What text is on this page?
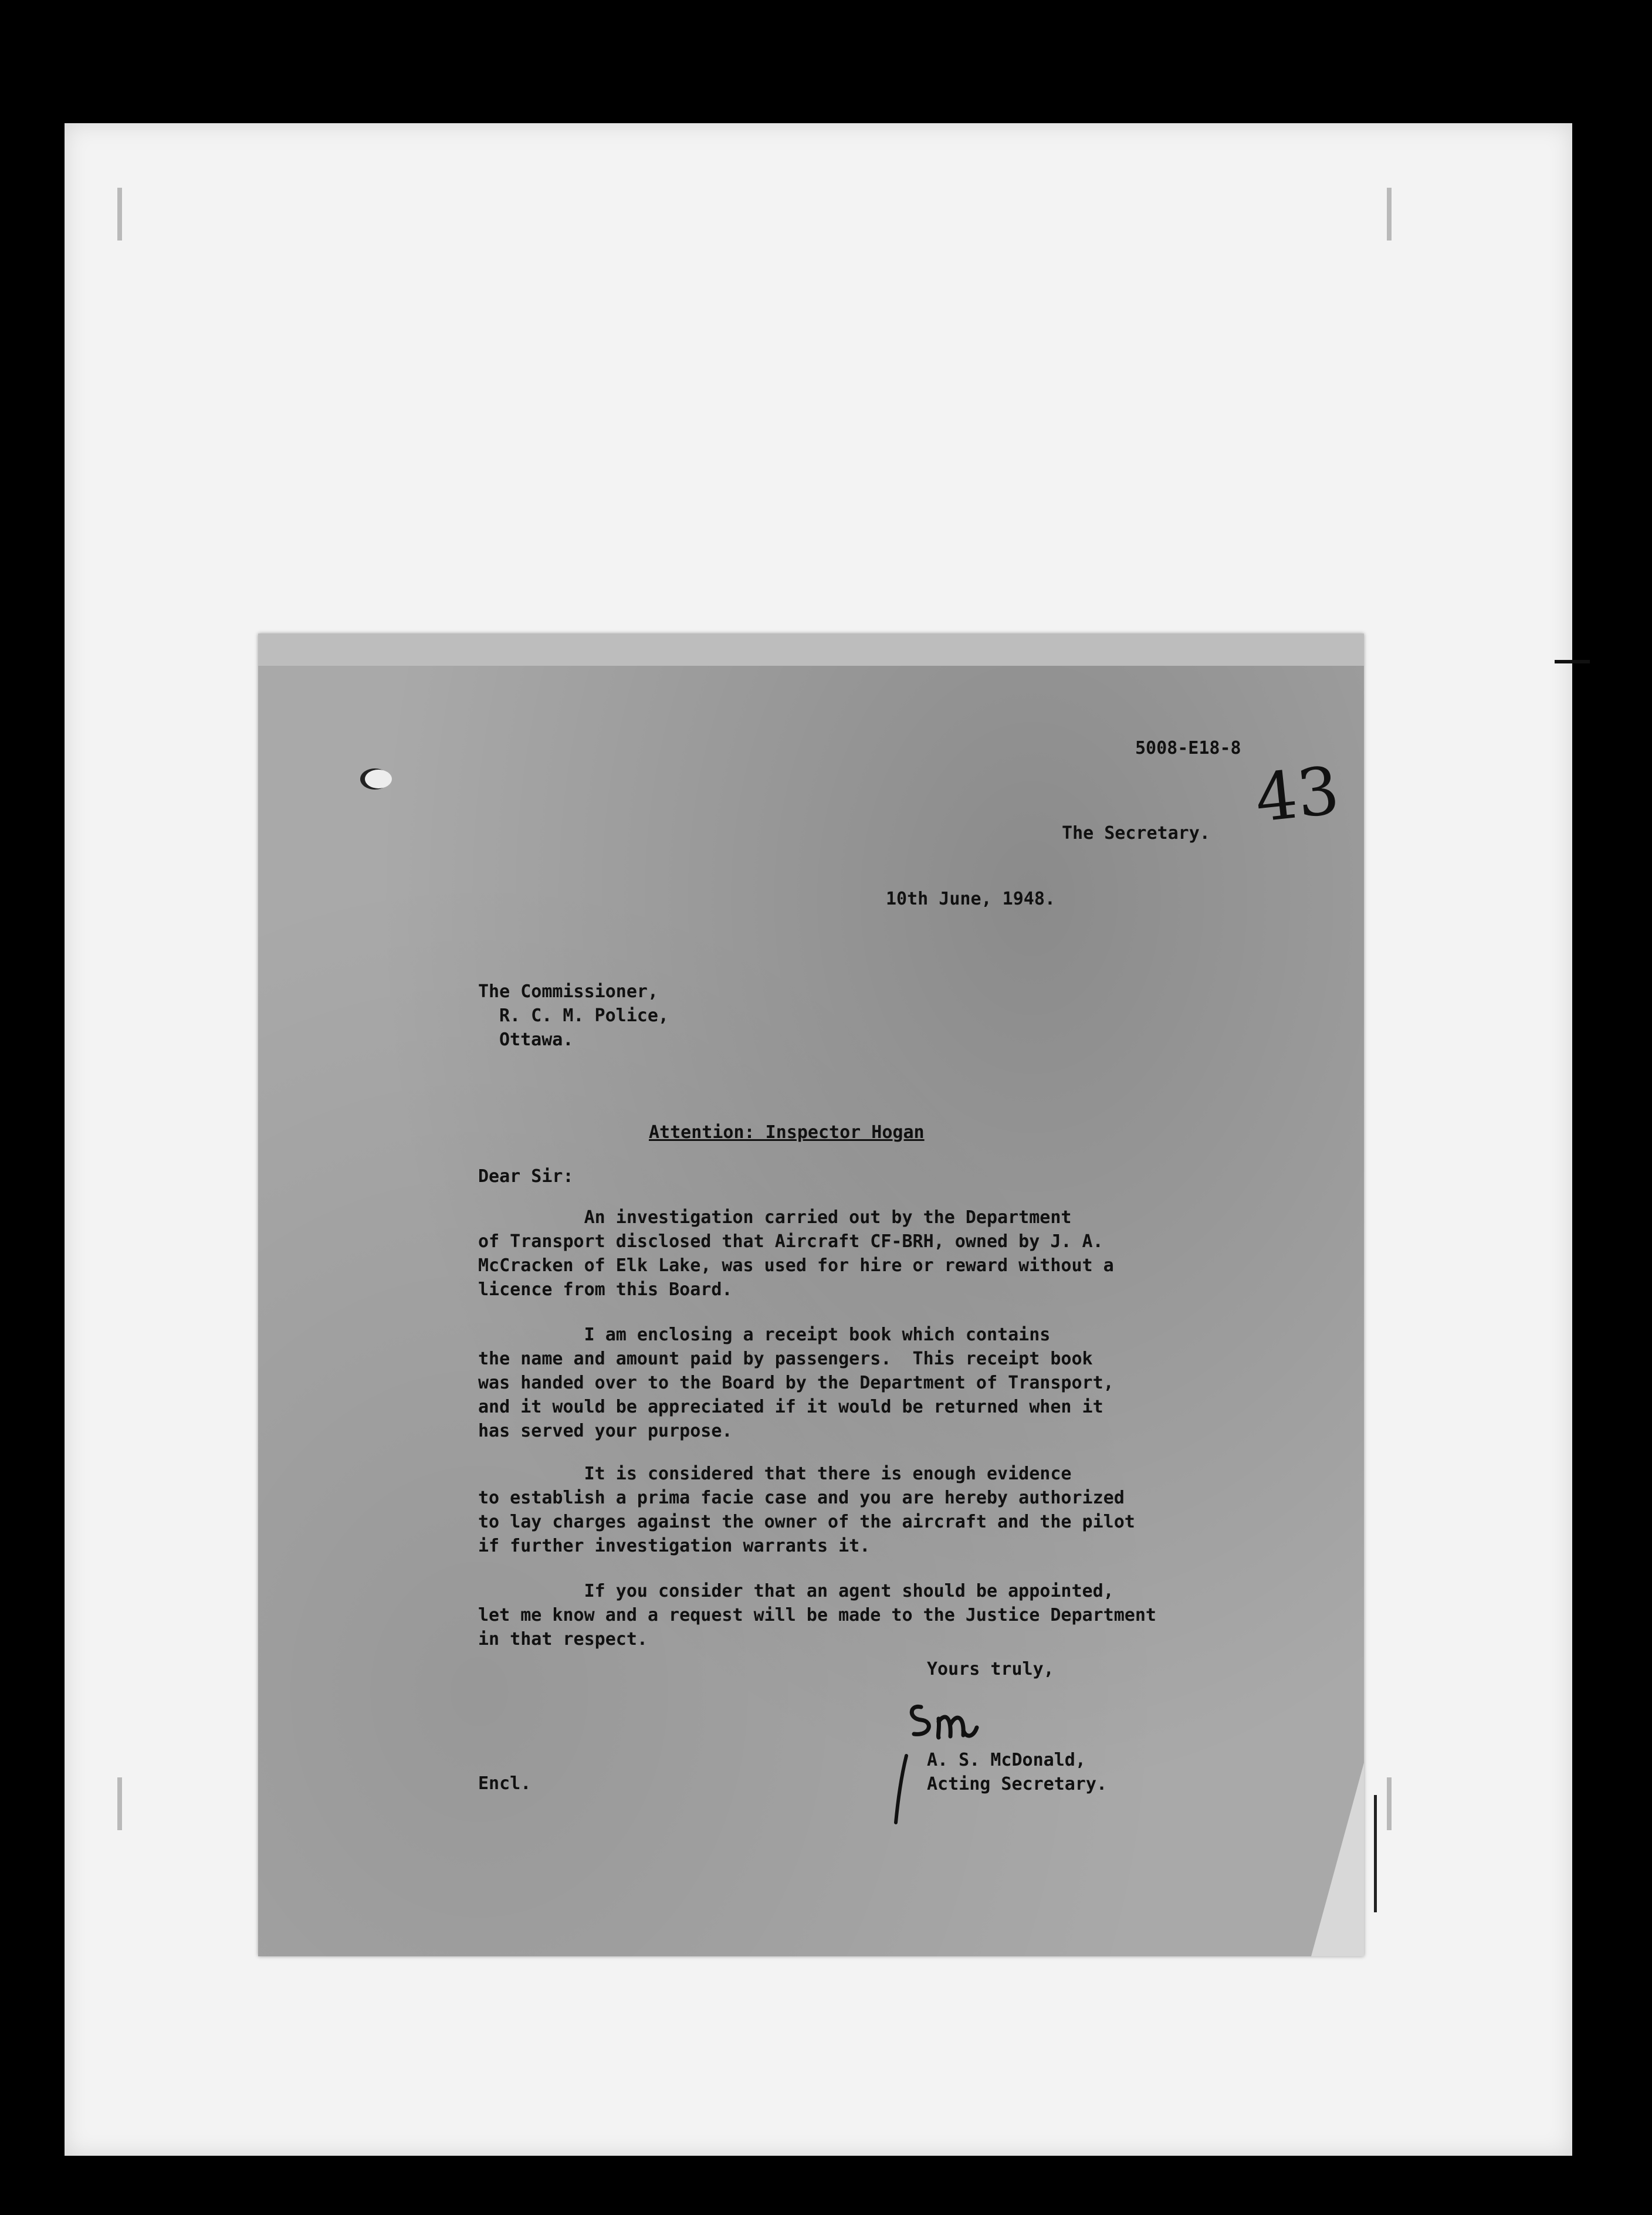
5008-E18-8
43
The Secretary.
10th June, 1948.
The Commissioner,
R. C. M. Police,
Ottawa.
Attention: Inspector Hogan
Dear Sir:
An investigation carried out by the Department
of Transport disclosed that Aircraft CF-BRH, owned by J. A.
McCracken of Elk Lake, was used for hire or reward without a
licence from this Board.
I am enclosing a receipt book which contains
the name and amount paid by passengers.  This receipt book
was handed over to the Board by the Department of Transport,
and it would be appreciated if it would be returned when it
has served your purpose.
It is considered that there is enough evidence
to establish a prima facie case and you are hereby authorized
to lay charges against the owner of the aircraft and the pilot
if further investigation warrants it.
If you consider that an agent should be appointed,
let me know and a request will be made to the Justice Department
in that respect.
Yours truly,
A. S. McDonald,
Acting Secretary.
Encl.
